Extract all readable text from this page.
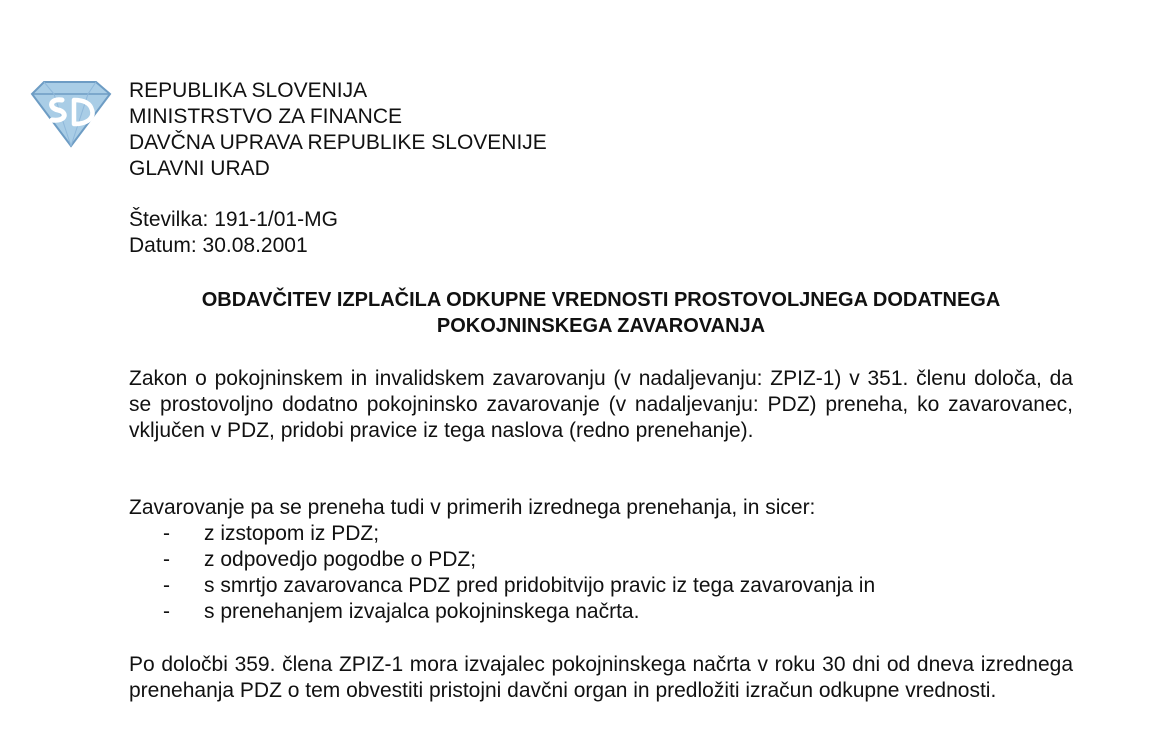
REPUBLIKA SLOVENIJA
MINISTRSTVO ZA FINANCE
DAVČNA UPRAVA REPUBLIKE SLOVENIJE
GLAVNI URAD
Številka: 191-1/01-MG
Datum: 30.08.2001
OBDAVČITEV IZPLAČILA ODKUPNE VREDNOSTI PROSTOVOLJNEGA DODATNEGA
POKOJNINSKEGA ZAVAROVANJA

Zakon o pokojninskem in invalidskem zavarovanju (v nadaljevanju: ZPIZ-1) v 351. členu določa, da se prostovoljno dodatno pokojninsko zavarovanje (v nadaljevanju: PDZ) preneha, ko zavarovanec, vključen v PDZ, pridobi pravice iz tega naslova (redno prenehanje).

Zavarovanje pa se preneha tudi v primerih izrednega prenehanja, in sicer:

- z izstopom iz PDZ;
- z odpovedjo pogodbe o PDZ;
- s smrtjo zavarovanca PDZ pred pridobitvijo pravic iz tega zavarovanja in
- s prenehanjem izvajalca pokojninskega načrta.

Po določbi 359. člena ZPIZ-1 mora izvajalec pokojninskega načrta v roku 30 dni od dneva izrednega prenehanja PDZ o tem obvestiti pristojni davčni organ in predložiti izračun odkupne vrednosti.
